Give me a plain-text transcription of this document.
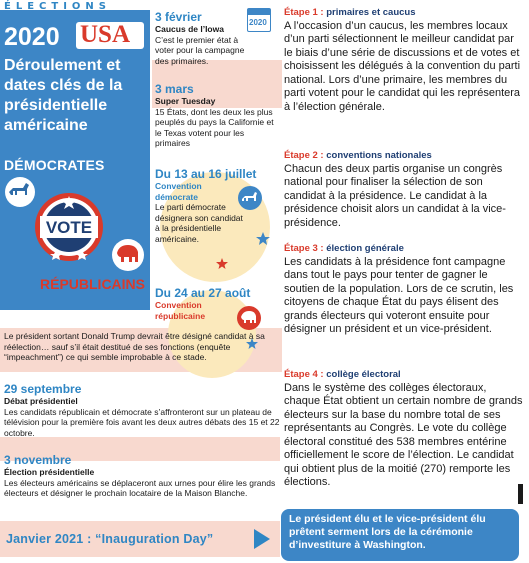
ÉLECTIONS
2020 USA
Déroulement et dates clés de la présidentielle américaine
VOTE
DÉMOCRATES
RÉPUBLICAINS
2020
3 février
Caucus de l’Iowa
C’est le premier état à voter pour la campagne des primaires.
3 mars
Super Tuesday
15 États, dont les deux les plus peuplés du pays la Californie et le Texas votent pour les primaires
Du 13 au 16 juillet
Convention démocrate
Le parti démocrate désignera son candidat à la présidentielle américaine.
Du 24 au 27 août
Convention républicaine
Le président sortant Donald Trump devrait être désigné candidat à sa réélection… sauf s’il était destitué de ses fonctions (enquête “impeachment”) ce qui semble improbable à ce stade.
29 septembre
Débat présidentiel
Les candidats républicain et démocrate s’affronteront sur un plateau de télévision pour la première fois avant les deux autres débats des 15 et 22 octobre.
3 novembre
Élection présidentielle
Les électeurs américains se déplaceront aux urnes pour élire les grands électeurs et désigner le prochain locataire de la Maison Blanche.
Janvier 2021 : “Inauguration Day”
Étape 1 : primaires et caucus
A l’occasion d’un caucus, les membres locaux d’un parti sélectionnent le meilleur candidat par le biais d’une série de discussions et de votes et choisissent les délégués à la convention du parti national. Lors d’une primaire, les membres du parti votent pour le candidat qui les représentera à l’élection générale.
Étape 2 : conventions nationales
Chacun des deux partis organise un congrès national pour finaliser la sélection de son candidat à la présidence. Le candidat à la présidence choisit alors un candidat à la vice-présidence.
Étape 3 : élection générale
Les candidats à la présidence font campagne dans tout le pays pour tenter de gagner le soutien de la population. Lors de ce scrutin, les citoyens de chaque État du pays élisent des grands électeurs qui voteront ensuite pour désigner un président et un vice-président.
Étape 4 : collège électoral
Dans le système des collèges électoraux, chaque État obtient un certain nombre de grands électeurs sur la base du nombre total de ses représentants au Congrès. Le vote du collège électoral constitué des 538 membres entérine officiellement le score de l’élection. Le candidat qui obtient plus de la moitié (270) remporte les élections.
Le président élu et le vice-président élu prêtent serment lors de la cérémonie d’investiture à Washington.
